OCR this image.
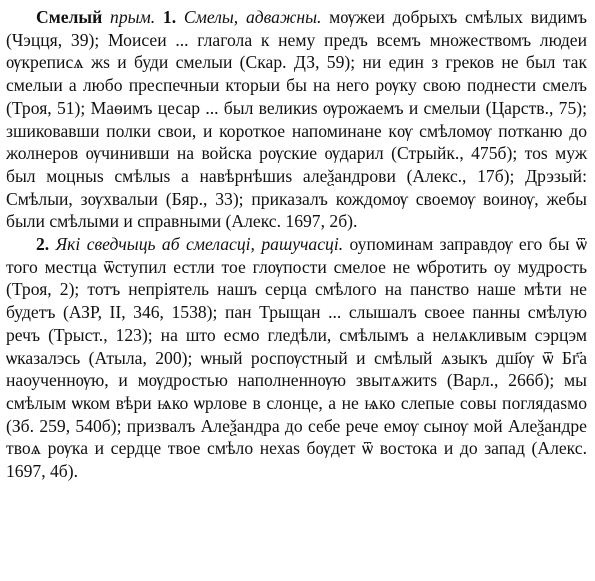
Смелый прым. 1. Смелы, адважны. мѹжеи добрыхъ смѣлых видимъ (Чэцця, 39); Моисеи ... глагола к нему предъ всемъ множествомъ людеи ѹкреписѧ жѕ и буди смелыи (Скар. ДЗ, 59); ни един з греков не был так смелыи а любо преспечныи кторыи бы на него рѹку свою поднести смелъ (Троя, 51); Маѳимъ цесар ... был великиѕ ѹрожаемъ и смелыи (Царств., 75); зшиковавши полки свои, и короткое напоминане кѹ смѣломѹ потканю до жолнеров ѹчинивши на войска рѹские ѹдарил (Стрыйк., 475б); тоѕ муж был моцныѕ смѣлыѕ а навѣрнѣшиѕ алеѯандрови (Алекс., 17б); Дрэзый: Смѣлыи, зѹхвалыи (Бяр., 33); приказалъ кождомѹ своемѹ воинѹ, жебы были смѣлыми и справными (Алекс. 1697, 2б).
2. Які сведчыць аб смеласці, рашучасці. оупоминам заправдѹ его бы ѿ того местца ѿступил естли тое глѹпости смелое не ѡбротить оу мудрость (Троя, 2); тотъ непрiятель нашъ серца смѣлого на панство наше мѣти не будетъ (АЗР, II, 346, 1538); пан Трыщан ... слышалъ своее панны смѣлую речъ (Трыст., 123); на што есмо гледѣли, смѣлымъ а нелѧкливым сэрцэм ѡказалэсь (Атыла, 200); ѡный роспѹстный и смѣлый ѧзыкъ дш҃ѹ ѿ Бг҃а наоученнѹю, и мѹдростью наполненнѹю звытѧжитѕ (Варл., 266б); мы смѣлым ѡком вѣри ѩко ѡрлове в слонце, а не ѩко слепые совы поглядаѕмо (Зб. 259, 540б); призвалъ Алеѯандра до себе рече емѹ сынѹ мой Алеѯандре твоѧ рѹка и сердце твое смѣло нехаѕ бѹдет ѿ востока и до запад (Алекс. 1697, 4б).
